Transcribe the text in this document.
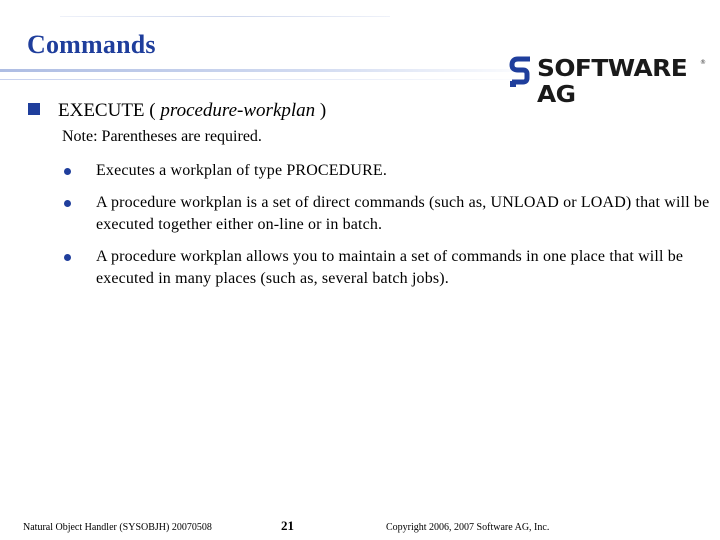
Commands
SOFTWARE AG
®
EXECUTE ( procedure-workplan )
Note: Parentheses are required.
Executes a workplan of type PROCEDURE.
A procedure workplan is a set of direct commands (such as, UNLOAD or LOAD) that will be executed together either on-line or in batch.
A procedure workplan allows you to maintain a set of commands in one place that will be executed in many places (such as, several batch jobs).
Natural Object Handler (SYSOBJH) 20070508	21	Copyright 2006, 2007 Software AG, Inc.
